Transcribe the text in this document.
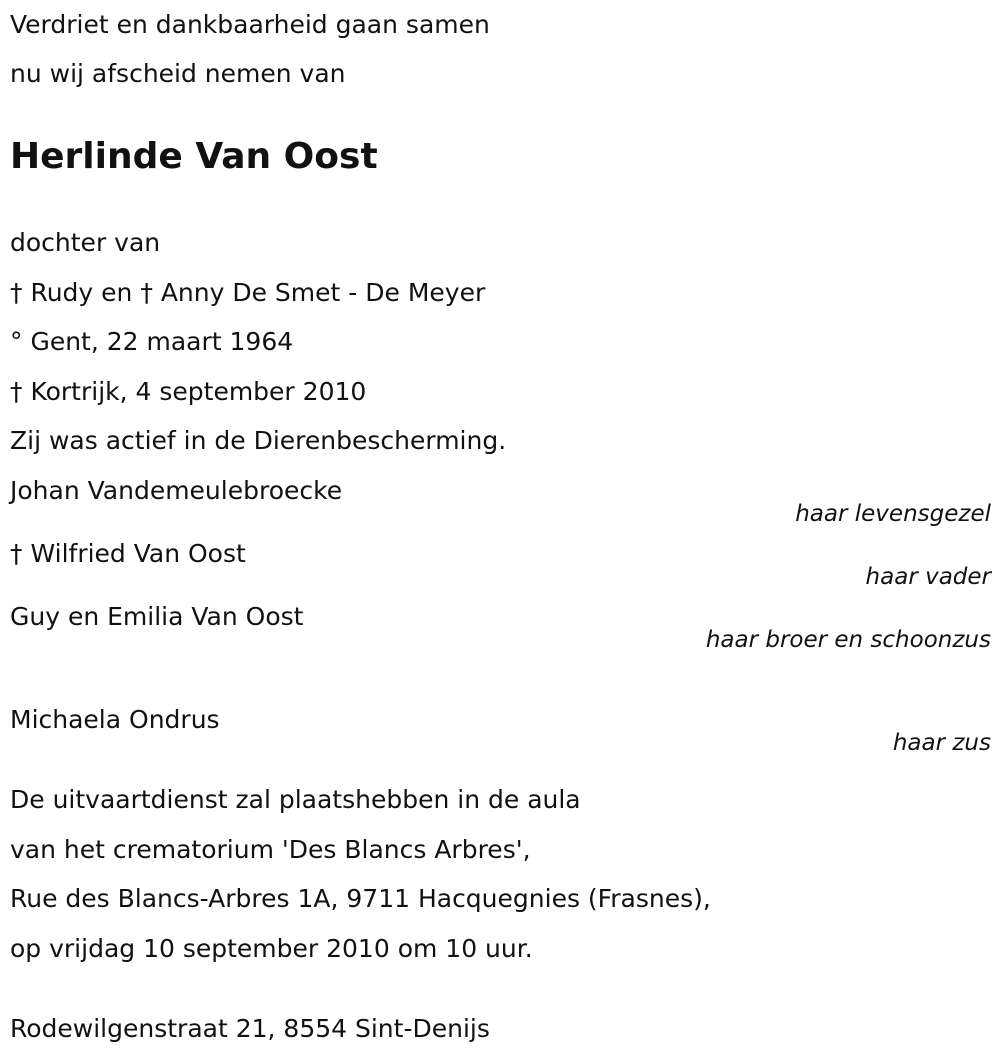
Verdriet en dankbaarheid gaan samen
nu wij afscheid nemen van
Herlinde Van Oost
dochter van
† Rudy en † Anny De Smet - De Meyer
° Gent, 22 maart 1964
† Kortrijk, 4 september 2010
Zij was actief in de Dierenbescherming.
Johan Vandemeulebroecke
haar levensgezel
† Wilfried Van Oost
haar vader
Guy en Emilia Van Oost
haar broer en schoonzus
Michaela Ondrus
haar zus
De uitvaartdienst zal plaatshebben in de aula
van het crematorium 'Des Blancs Arbres',
Rue des Blancs-Arbres 1A, 9711 Hacquegnies (Frasnes),
op vrijdag 10 september 2010 om 10 uur.
Rodewilgenstraat 21, 8554 Sint-Denijs
